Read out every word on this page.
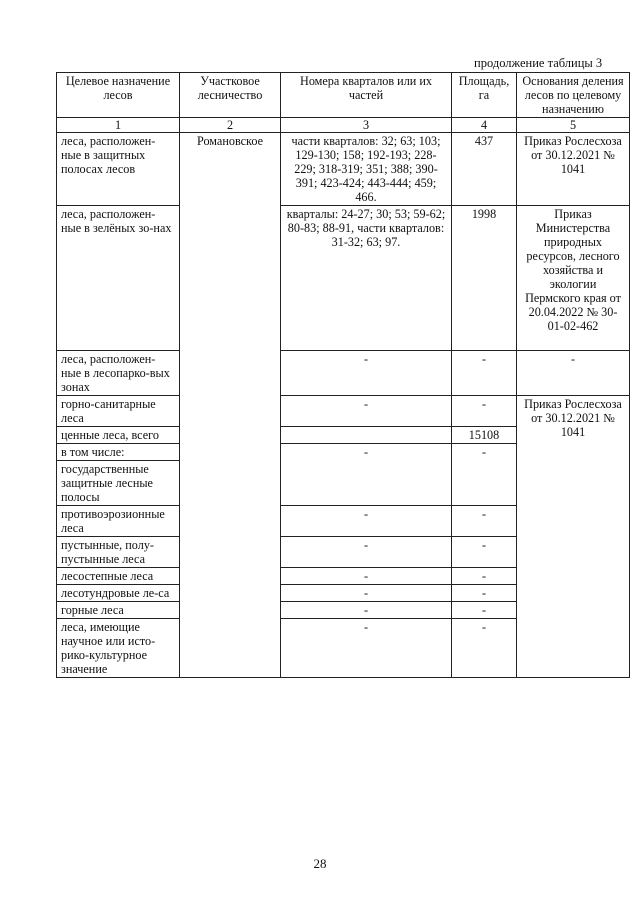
продолжение таблицы 3
Целевое назначение лесов	Участковое лесничество	Номера кварталов или их частей	Площадь, га	Основания деления лесов по целевому назначению
1	2	3	4	5
леса, расположен-ные в защитных полосах лесов	Романовское	части кварталов: 32; 63; 103; 129-130; 158; 192-193; 228-229; 318-319; 351; 388; 390-391; 423-424; 443-444; 459; 466.	437	Приказ Рослесхоза от 30.12.2021 № 1041
леса, расположен-ные в зелёных зо-нах		кварталы: 24-27; 30; 53; 59-62; 80-83; 88-91, части кварталов: 31-32; 63; 97.	1998	Приказ Министерства природных ресурсов, лесного хозяйства и экологии Пермского края от 20.04.2022 № 30-01-02-462
леса, расположен-ные в лесопарко-вых зонах		-	-	-
горно-санитарные леса		-	-	Приказ Рослесхоза от 30.12.2021 № 1041
ценные леса, всего			15108	
в том числе:		-	-	
государственные защитные лесные полосы				
противоэрозионные леса		-	-	
пустынные, полу-пустынные леса		-	-	
лесостепные леса		-	-	
лесотундровые ле-са		-	-	
горные леса		-	-	
леса, имеющие научное или исто-рико-культурное значение		-	-	
28
